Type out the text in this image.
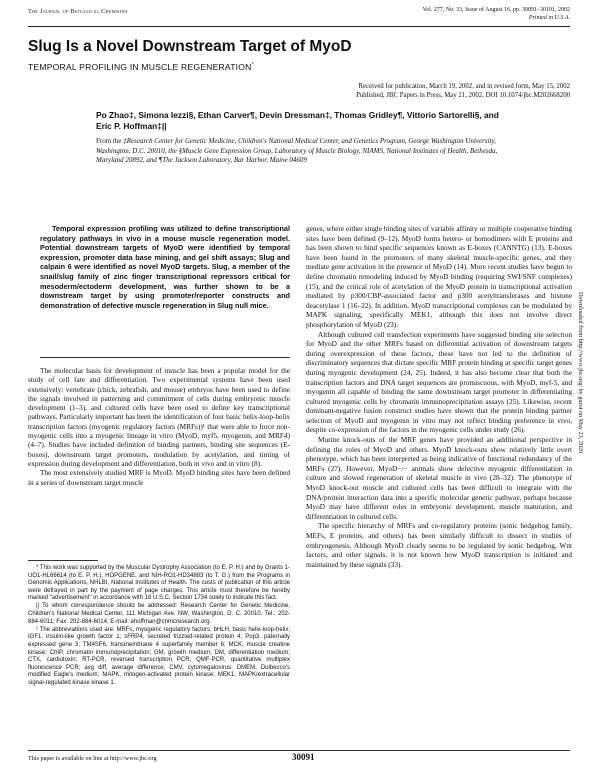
The Journal of Biological Chemistry	Vol. 277, No. 33, Issue of August 16, pp. 30091–30101, 2002
Printed in U.S.A.
Slug Is a Novel Downstream Target of MyoD
TEMPORAL PROFILING IN MUSCLE REGENERATION*
Received for publication, March 19, 2002, and in revised form, May 15, 2002
Published, JBC Papers in Press, May 21, 2002, DOI 10.1074/jbc.M202668200
Po Zhao‡, Simona Iezzi§, Ethan Carver¶, Devin Dressman‡, Thomas Gridley¶, Vittorio Sartorelli§, and Eric P. Hoffman‡||
From the ‡Research Center for Genetic Medicine, Children's National Medical Center, and Genetics Program, George Washington University, Washington, D.C. 20010, the §Muscle Gene Expression Group, Laboratory of Muscle Biology, NIAMS, National Institutes of Health, Bethesda, Maryland 20892, and ¶The Jackson Laboratory, Bar Harbor, Maine 04609

Temporal expression profiling was utilized to define transcriptional regulatory pathways in vivo in a mouse muscle regeneration model. Potential downstream targets of MyoD were identified by temporal expression, promoter data base mining, and gel shift assays; Slug and calpain 6 were identified as novel MyoD targets. Slug, a member of the snail/slug family of zinc finger transcriptional repressors critical for mesoderm/ectoderm development, was further shown to be a downstream target by using promoter/reporter constructs and demonstration of defective muscle regeneration in Slug null mice.

The molecular basis for development of muscle has been a popular model for the study of cell fate and differentiation. Two experimental systems have been used extensively: vertebrate (chick, zebrafish, and mouse) embryos have been used to define the signals involved in patterning and commitment of cells during embryonic muscle development (1–3), and cultured cells have been used to define key transcriptional pathways. Particularly important has been the identification of four basic helix-loop-helix transcription factors (myogenic regulatory factors (MRFs))¹ that were able to force non-myogenic cells into a myogenic lineage in vitro (MyoD, myf5, myogenin, and MRF4) (4–7). Studies have included definition of binding partners, binding site sequences (E-boxes), downstream target promoters, modulation by acetylation, and timing of expression during development and differentiation, both in vivo and in vitro (8).

The most extensively studied MRF is MyoD. MyoD binding sites have been defined in a series of downstream target muscle

* This work was supported by the Muscular Dystrophy Association (to E. P. H.) and by Grants 1-UO1-HL66614 (to E. P. H.), HOPGENE, and NIH-RO1-HD34883 (to T. G.) from the Programs in Genomic Applications, NHLBI, National Institutes of Health. The costs of publication of this article were defrayed in part by the payment of page charges. This article must therefore be hereby marked "advertisement" in accordance with 18 U.S.C. Section 1734 solely to indicate this fact.

|| To whom correspondence should be addressed: Research Center for Genetic Medicine, Children's National Medical Center, 111 Michigan Ave. NW, Washington, D. C. 20010. Tel.: 202-884-6011; Fax: 202-884-6014; E-mail: ehoffman@cnmcresearch.org.

¹ The abbreviations used are: MRFs, myogenic regulatory factors; bHLH, basic helix-loop-helix; IGF1, insulin-like growth factor 1; sFRP4, secreted frizzled-related protein 4; Pop3, paternally expressed gene 3; TM4SF6, transmembrane 4 superfamily member 6; MCK, muscle creatine kinase; ChIP, chromatin immunoprecipitation; GM, growth medium; DM, differentiation medium; CTX, cardiotoxin; RT-PCR, reversed transcription PCR; QMF-PCR, quantitative multiplex fluorescence PCR; avg diff, average difference; CMV, cytomegalovirus; DMEM, Dulbecco's modified Eagle's medium; MAPK, mitogen-activated protein kinase; MEK1, MAPK/extracellular signal-regulated kinase kinase 1.

genes, where either single binding sites of variable affinity or multiple cooperative binding sites have been defined (9–12). MyoD forms hetero- or homodimers with E proteins and has been shown to bind specific sequences known as E-boxes (CANNTG) (13). E-boxes have been found in the promoters of many skeletal muscle-specific genes, and they mediate gene activation in the presence of MyoD (14). More recent studies have begun to define chromatin remodeling induced by MyoD binding (requiring SWI/SNF complexes) (15), and the critical role of acetylation of the MyoD protein in transcriptional activation mediated by p300/CBP-associated factor and p300 acetyltransferases and histone deacetylase 1 (16–22). In addition, MyoD transcriptional complexes can be modulated by MAPK signaling, specifically MEK1, although this does not involve direct phosphorylation of MyoD (23).

Although cultured cell transfection experiments have suggested binding site selection for MyoD and the other MRFs based on differential activation of downstream targets during overexpression of these factors, these have not led to the definition of discriminatory sequences that dictate specific MRF protein binding at specific target genes during myogenic development (24, 25). Indeed, it has also become clear that both the transcription factors and DNA target sequences are promiscuous, with MyoD, myf-5, and myogenin all capable of binding the same downstream target promoter in differentiating cultured myogenic cells by chromatin immunoprecipitation assays (25). Likewise, recent dominant-negative fusion construct studies have shown that the protein binding partner selection of MyoD and myogenin in vitro may not reflect binding preference in vivo, despite co-expression of the factors in the myogenic cells under study (26).

Murine knock-outs of the MRF genes have provided an additional perspective in defining the roles of MyoD and others. MyoD knock-outs show relatively little overt phenotype, which has been interpreted as being indicative of functional redundancy of the MRFs (27). However, MyoD−/− animals show defective myogenic differentiation in culture and slowed regeneration of skeletal muscle in vivo (28–32). The phenotype of MyoD knock-out muscle and cultured cells has been difficult to integrate with the DNA/protein interaction data into a specific molecular genetic pathway, perhaps because MyoD may have different roles in embryonic development, muscle maturation, and differentiation in cultured cells.

The specific hierarchy of MRFs and co-regulatory proteins (sonic hedgehog family, MEFs, E proteins, and others) has been similarly difficult to dissect in studies of embryogenesis. Although MyoD clearly seems to be regulated by sonic hedgehog, Wnt factors, and other signals, it is not known how MyoD transcription is initiated and maintained by these signals (33).

Downloaded from http://www.jbc.org/ by guest on May 23, 2020
This paper is available on line at http://www.jbc.org	30091
